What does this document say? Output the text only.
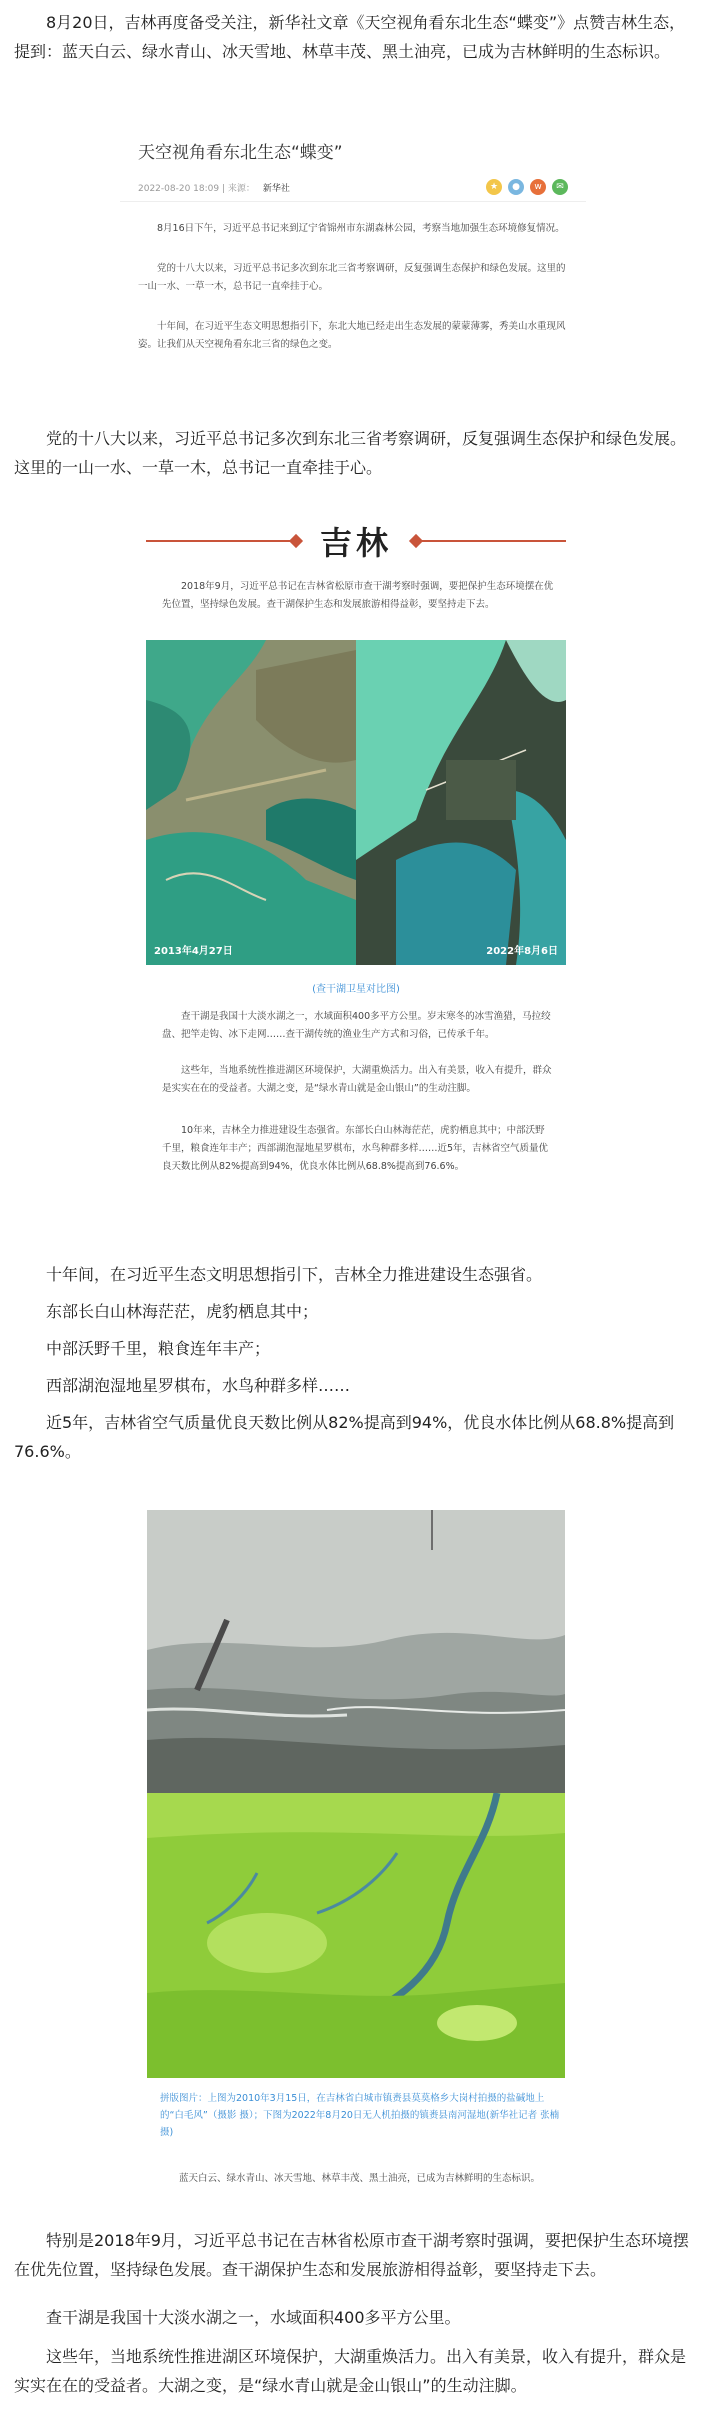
8月20日，吉林再度备受关注，新华社文章《天空视角看东北生态“蝶变”》点赞吉林生态，提到：蓝天白云、绿水青山、冰天雪地、林草丰茂、黑土油亮，已成为吉林鲜明的生态标识。

天空视角看东北生态“蝶变”
2022-08-20 18:09 | 来源： 新华社	★	●	w	✉

8月16日下午，习近平总书记来到辽宁省锦州市东湖森林公园，考察当地加强生态环境修复情况。

党的十八大以来，习近平总书记多次到东北三省考察调研，反复强调生态保护和绿色发展。这里的一山一水、一草一木，总书记一直牵挂于心。

十年间，在习近平生态文明思想指引下，东北大地已经走出生态发展的蒙蒙薄雾，秀美山水重现风姿。让我们从天空视角看东北三省的绿色之变。

党的十八大以来，习近平总书记多次到东北三省考察调研，反复强调生态保护和绿色发展。这里的一山一水、一草一木，总书记一直牵挂于心。

吉林

2018年9月，习近平总书记在吉林省松原市查干湖考察时强调，要把保护生态环境摆在优先位置，坚持绿色发展。查干湖保护生态和发展旅游相得益彰，要坚持走下去。

2013年4月27日	2022年8月6日
(查干湖卫星对比图)

查干湖是我国十大淡水湖之一，水域面积400多平方公里。岁末寒冬的冰雪渔猎，马拉绞盘、把竿走钩、冰下走网……查干湖传统的渔业生产方式和习俗，已传承千年。

这些年，当地系统性推进湖区环境保护，大湖重焕活力。出入有美景，收入有提升，群众是实实在在的受益者。大湖之变，是“绿水青山就是金山银山”的生动注脚。

10年来，吉林全力推进建设生态强省。东部长白山林海茫茫，虎豹栖息其中；中部沃野千里，粮食连年丰产；西部湖泡湿地星罗棋布，水鸟种群多样……近5年，吉林省空气质量优良天数比例从82%提高到94%，优良水体比例从68.8%提高到76.6%。

十年间，在习近平生态文明思想指引下，吉林全力推进建设生态强省。

东部长白山林海茫茫，虎豹栖息其中；

中部沃野千里，粮食连年丰产；

西部湖泡湿地星罗棋布，水鸟种群多样……

近5年，吉林省空气质量优良天数比例从82%提高到94%，优良水体比例从68.8%提高到76.6%。

拼版图片：上图为2010年3月15日，在吉林省白城市镇赉县莫莫格乡大岗村拍摄的盐碱地上的“白毛风”（摄影 摄）；下图为2022年8月20日无人机拍摄的镇赉县南河湿地(新华社记者 张楠 摄)

蓝天白云、绿水青山、冰天雪地、林草丰茂、黑土油亮，已成为吉林鲜明的生态标识。

特别是2018年9月，习近平总书记在吉林省松原市查干湖考察时强调，要把保护生态环境摆在优先位置，坚持绿色发展。查干湖保护生态和发展旅游相得益彰，要坚持走下去。

查干湖是我国十大淡水湖之一，水域面积400多平方公里。

这些年，当地系统性推进湖区环境保护，大湖重焕活力。出入有美景，收入有提升，群众是实实在在的受益者。大湖之变，是“绿水青山就是金山银山”的生动注脚。
